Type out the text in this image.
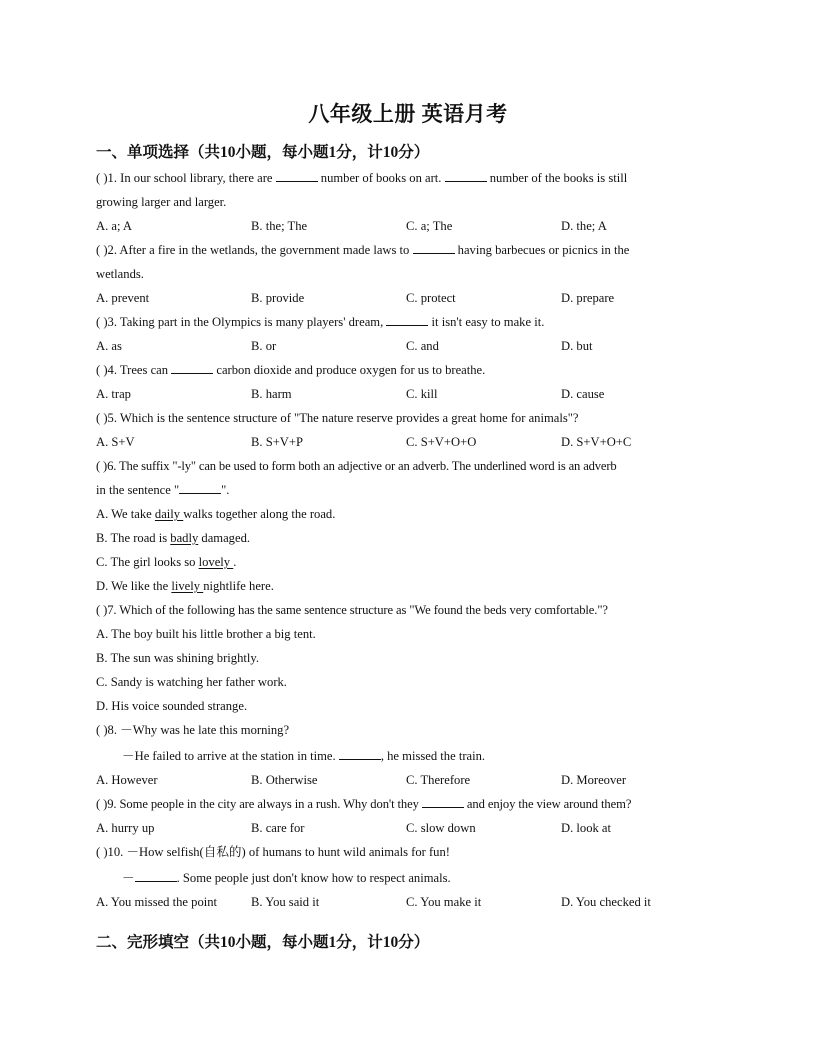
八年级上册 英语月考
一、单项选择（共10小题，每小题1分，计10分）
( )1. In our school library, there are	number of books on art.	number of the books is still
growing larger and larger.
A. a; A	B. the; The	C. a; The	D. the; A
( )2. After a fire in the wetlands, the government made laws to	having barbecues or picnics in the
wetlands.
A. prevent	B. provide	C. protect	D. prepare
( )3. Taking part in the Olympics is many players' dream,	it isn't easy to make it.
A. as	B. or	C. and	D. but
( )4. Trees can	carbon dioxide and produce oxygen for us to breathe.
A. trap	B. harm	C. kill	D. cause
( )5. Which is the sentence structure of "The nature reserve provides a great home for animals"?
A. S+V	B. S+V+P	C. S+V+O+O	D. S+V+O+C
( )6. The suffix "-ly" can be used to form both an adjective or an adverb. The underlined word is an adverb
in the sentence "	".
A. We take daily walks together along the road.
B. The road is badly damaged.
C. The girl looks so lovely .
D. We like the lively nightlife here.
( )7. Which of the following has the same sentence structure as "We found the beds very comfortable."?
A. The boy built his little brother a big tent.
B. The sun was shining brightly.
C. Sandy is watching her father work.
D. His voice sounded strange.
( )8. －Why was he late this morning?
－He failed to arrive at the station in time.	, he missed the train.
A. However	B. Otherwise	C. Therefore	D. Moreover
( )9. Some people in the city are always in a rush. Why don't they	and enjoy the view around them?
A. hurry up	B. care for	C. slow down	D. look at
( )10. －How selfish(自私的) of humans to hunt wild animals for fun!
－	. Some people just don't know how to respect animals.
A. You missed the point	B. You said it	C. You make it	D. You checked it
二、完形填空（共10小题，每小题1分，计10分）
